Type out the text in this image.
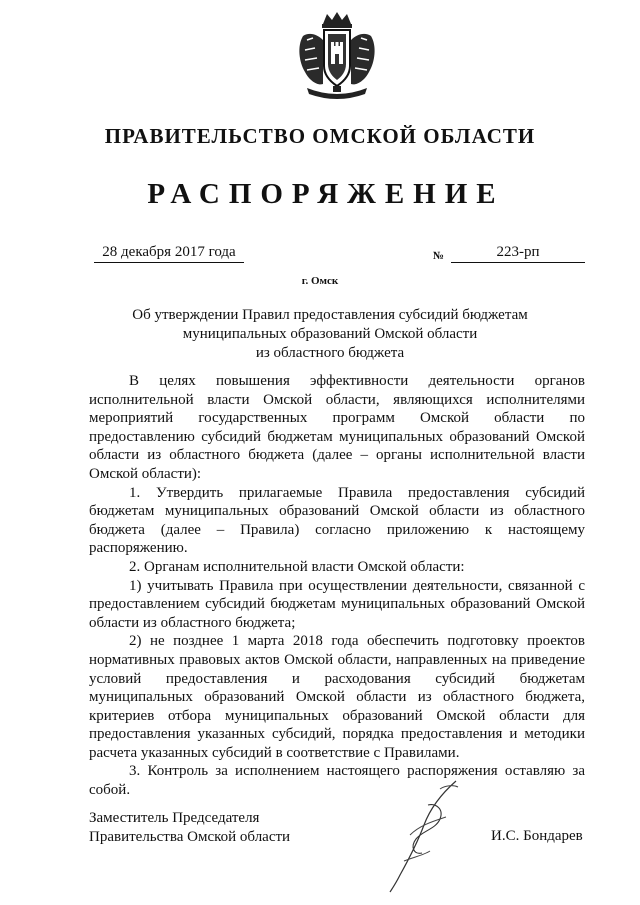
ПРАВИТЕЛЬСТВО ОМСКОЙ ОБЛАСТИ
РАСПОРЯЖЕНИЕ
28 декабря 2017 года	№	223-рп
г. Омск
Об утверждении Правил предоставления субсидий бюджетам
муниципальных образований Омской области
из областного бюджета

В целях повышения эффективности деятельности органов исполнительной власти Омской области, являющихся исполнителями мероприятий государственных программ Омской области по предоставлению субсидий бюджетам муниципальных образований Омской области из областного бюджета (далее – органы исполнительной власти Омской области):

1. Утвердить прилагаемые Правила предоставления субсидий бюджетам муниципальных образований Омской области из областного бюджета (далее – Правила) согласно приложению к настоящему распоряжению.

2. Органам исполнительной власти Омской области:

1) учитывать Правила при осуществлении деятельности, связанной с предоставлением субсидий бюджетам муниципальных образований Омской области из областного бюджета;

2) не позднее 1 марта 2018 года обеспечить подготовку проектов нормативных правовых актов Омской области, направленных на приведение условий предоставления и расходования субсидий бюджетам муниципальных образований Омской области из областного бюджета, критериев отбора муниципальных образований Омской области для предоставления указанных субсидий, порядка предоставления и методики расчета указанных субсидий в соответствие с Правилами.

3. Контроль за исполнением настоящего распоряжения оставляю за собой.

Заместитель Председателя
Правительства Омской области	И.С. Бондарев
